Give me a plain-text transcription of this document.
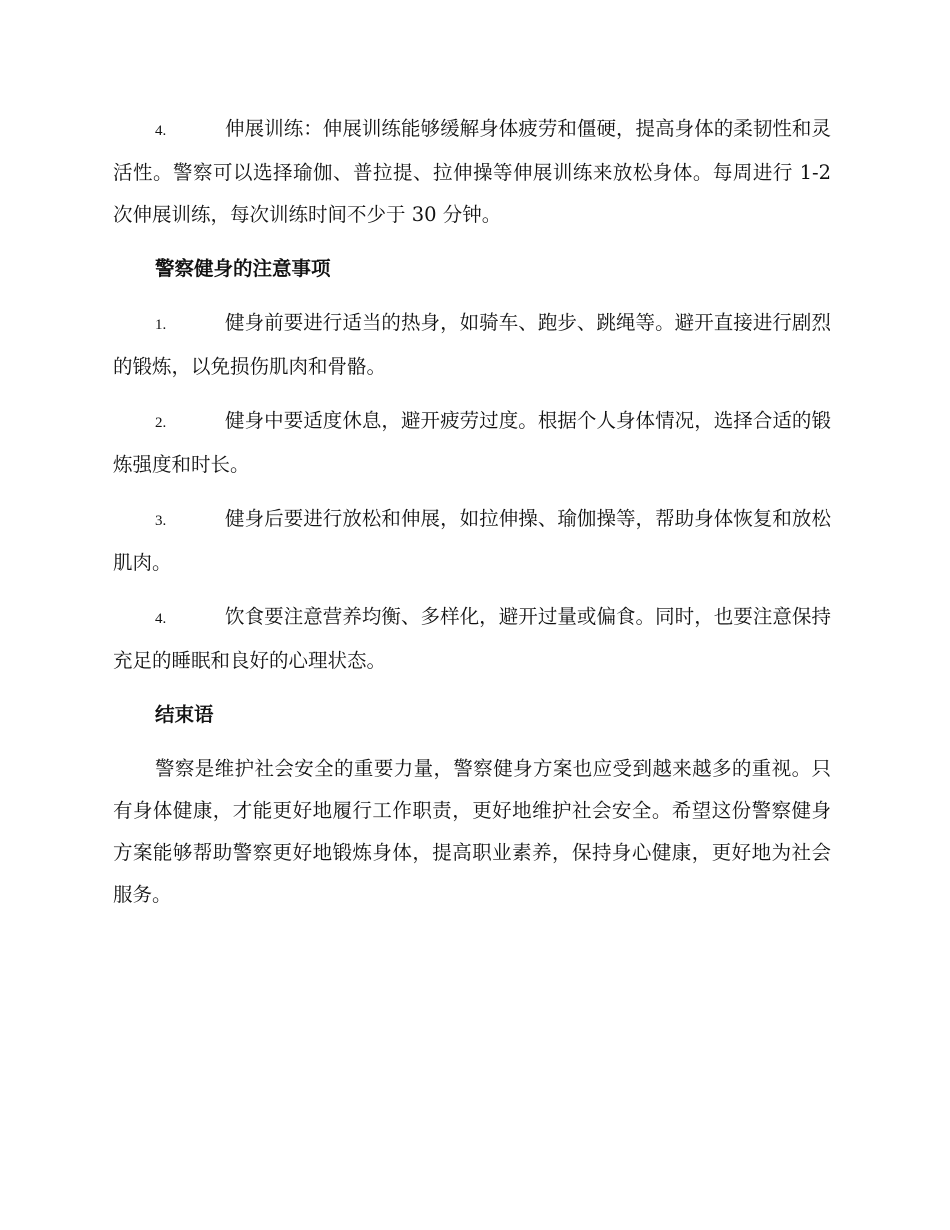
4.	伸展训练：伸展训练能够缓解身体疲劳和僵硬，提高身体的柔韧性和灵活性。警察可以选择瑜伽、普拉提、拉伸操等伸展训练来放松身体。每周进行 1-2 次伸展训练，每次训练时间不少于 30 分钟。

警察健身的注意事项

1.	健身前要进行适当的热身，如骑车、跑步、跳绳等。避开直接进行剧烈的锻炼，以免损伤肌肉和骨骼。

2.	健身中要适度休息，避开疲劳过度。根据个人身体情况，选择合适的锻炼强度和时长。

3.	健身后要进行放松和伸展，如拉伸操、瑜伽操等，帮助身体恢复和放松肌肉。

4.	饮食要注意营养均衡、多样化，避开过量或偏食。同时，也要注意保持充足的睡眠和良好的心理状态。

结束语

警察是维护社会安全的重要力量，警察健身方案也应受到越来越多的重视。只有身体健康，才能更好地履行工作职责，更好地维护社会安全。希望这份警察健身方案能够帮助警察更好地锻炼身体，提高职业素养，保持身心健康，更好地为社会服务。
